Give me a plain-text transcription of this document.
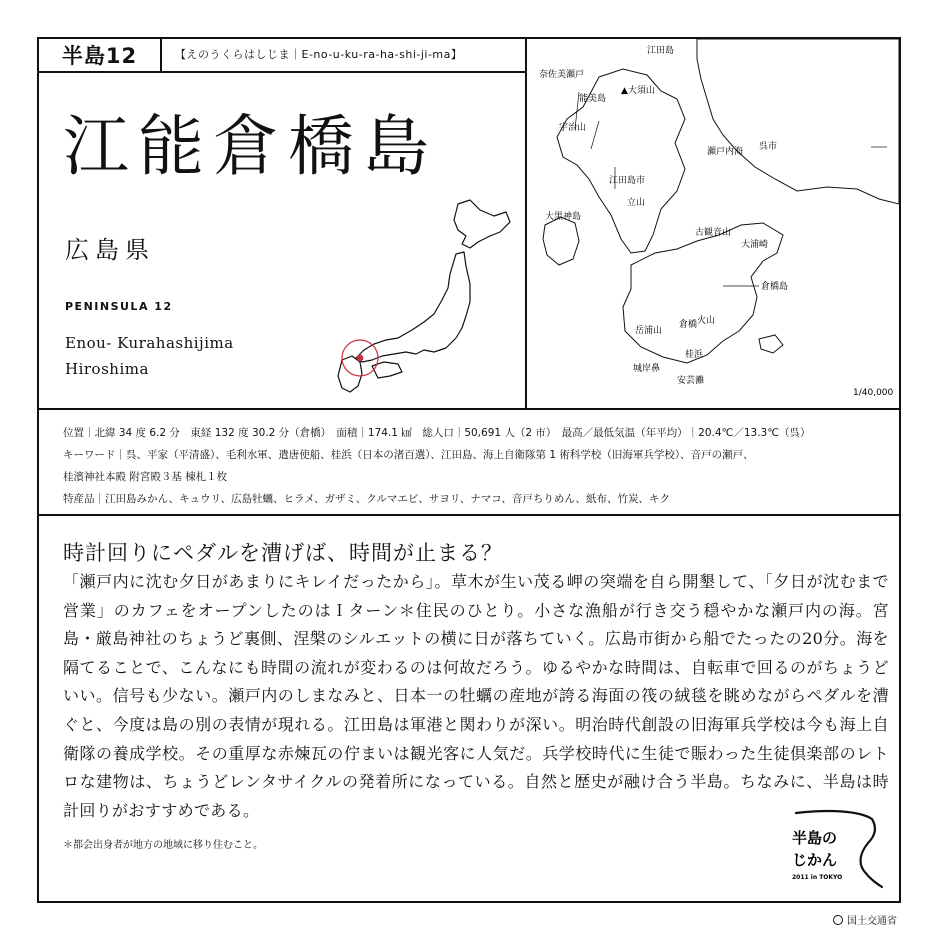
半島12	【えのうくらはしじま｜E-no-u-ku-ra-ha-shi-ji-ma】
江能倉橋島
広島県
PENINSULA 12
Enou- Kurahashijima
Hiroshima
江田島
奈佐美瀬戸
▲大須山
能美島
宇治山
呉市
瀬戸内海
江田島市
立山
大黒神島
古観音山
大浦崎
倉橋島
岳浦山
倉橋 火山
桂浜
城岸鼻
安芸灘
1/40,000
位置｜北緯 34 度 6.2 分　東経 132 度 30.2 分（倉橋）　面積｜174.1 ㎢　総人口｜50,691 人（2 市）　最高／最低気温（年平均）｜20.4℃／13.3℃（呉）
キーワード｜呉、平家（平清盛）、毛利水軍、遣唐使船、桂浜（日本の渚百選）、江田島、海上自衛隊第 1 術科学校（旧海軍兵学校）、音戸の瀬戸、
桂濱神社本殿 附宮殿３基 棟札１枚
特産品｜江田島みかん、キュウリ、広島牡蠣、ヒラメ、ガザミ、クルマエビ、サヨリ、ナマコ、音戸ちりめん、紙布、竹炭、キク
時計回りにペダルを漕げば、時間が止まる？
「瀬戸内に沈む夕日があまりにキレイだったから」。草木が生い茂る岬の突端を自ら開墾して、「夕日が沈むまで営業」のカフェをオープンしたのはＩターン＊住民のひとり。小さな漁船が行き交う穏やかな瀬戸内の海。宮島・厳島神社のちょうど裏側、涅槃のシルエットの横に日が落ちていく。広島市街から船でたったの20分。海を隔てることで、こんなにも時間の流れが変わるのは何故だろう。ゆるやかな時間は、自転車で回るのがちょうどいい。信号も少ない。瀬戸内のしまなみと、日本一の牡蠣の産地が誇る海面の筏の絨毯を眺めながらペダルを漕ぐと、今度は島の別の表情が現れる。江田島は軍港と関わりが深い。明治時代創設の旧海軍兵学校は今も海上自衛隊の養成学校。その重厚な赤煉瓦の佇まいは観光客に人気だ。兵学校時代に生徒で賑わった生徒倶楽部のレトロな建物は、ちょうどレンタサイクルの発着所になっている。自然と歴史が融け合う半島。ちなみに、半島は時計回りがおすすめである。
＊都会出身者が地方の地域に移り住むこと。	半島の
じかん
2011 in TOKYO
国土交通省
